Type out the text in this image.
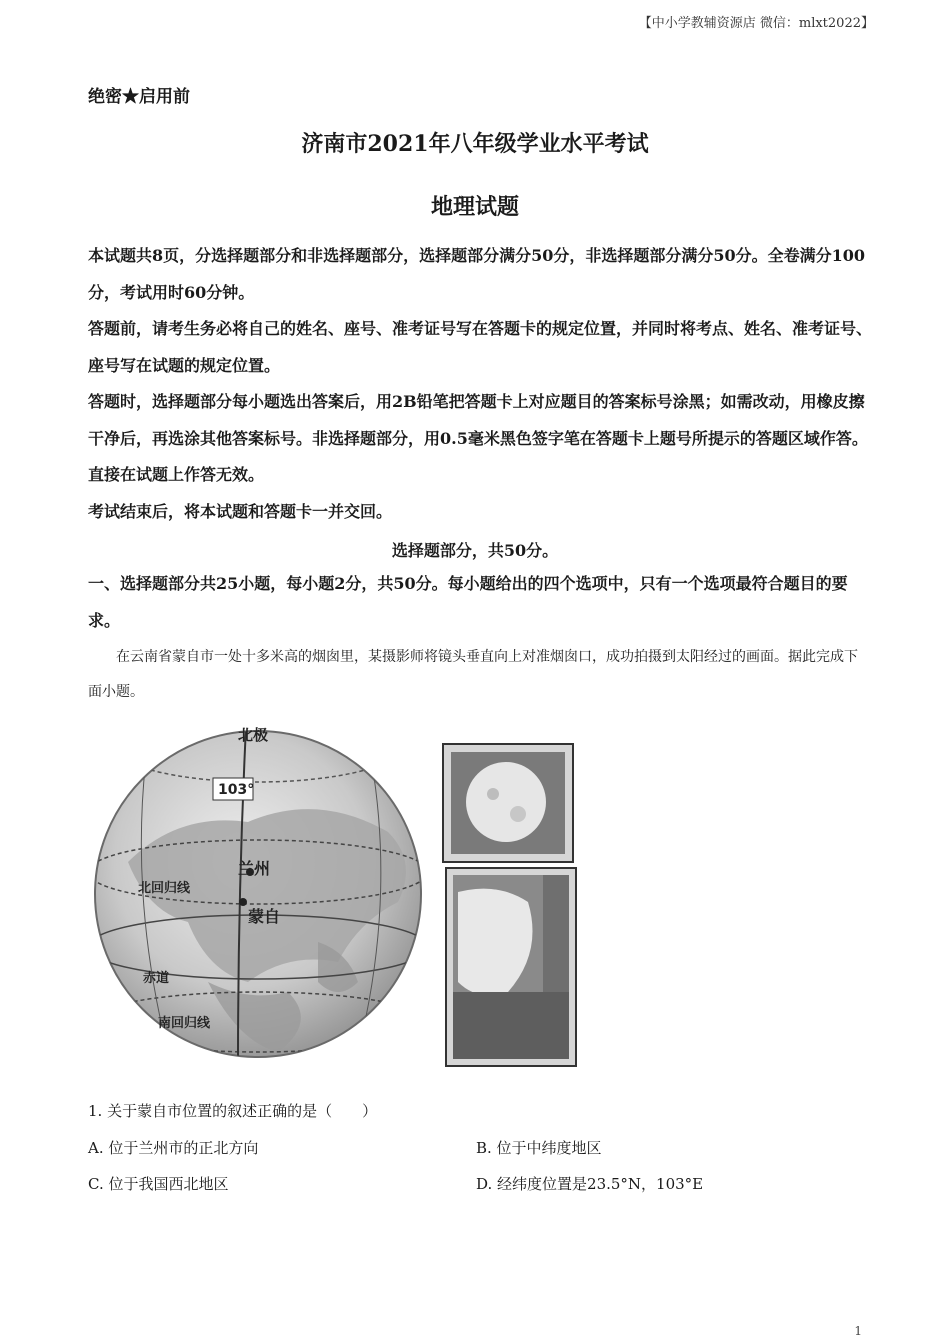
【中小学教辅资源店 微信：mlxt2022】
绝密★启用前
济南市2021年八年级学业水平考试
地理试题
本试题共8页，分选择题部分和非选择题部分，选择题部分满分50分，非选择题部分满分50分。全卷满分100分，考试用时60分钟。
答题前，请考生务必将自己的姓名、座号、准考证号写在答题卡的规定位置，并同时将考点、姓名、准考证号、座号写在试题的规定位置。
答题时，选择题部分每小题选出答案后，用2B铅笔把答题卡上对应题目的答案标号涂黑；如需改动，用橡皮擦干净后，再选涂其他答案标号。非选择题部分，用0.5毫米黑色签字笔在答题卡上题号所提示的答题区域作答。直接在试题上作答无效。
考试结束后，将本试题和答题卡一并交回。
选择题部分，共50分。
一、选择题部分共25小题，每小题2分，共50分。每小题给出的四个选项中，只有一个选项最符合题目的要求。
在云南省蒙自市一处十多米高的烟囱里，某摄影师将镜头垂直向上对准烟囱口，成功拍摄到太阳经过的画面。据此完成下面小题。
北极
103°
兰州
北回归线
蒙自
赤道
南回归线
1. 关于蒙自市位置的叙述正确的是（　　）
A. 位于兰州市的正北方向	B. 位于中纬度地区
C. 位于我国西北地区	D. 经纬度位置是23.5°N，103°E
1
